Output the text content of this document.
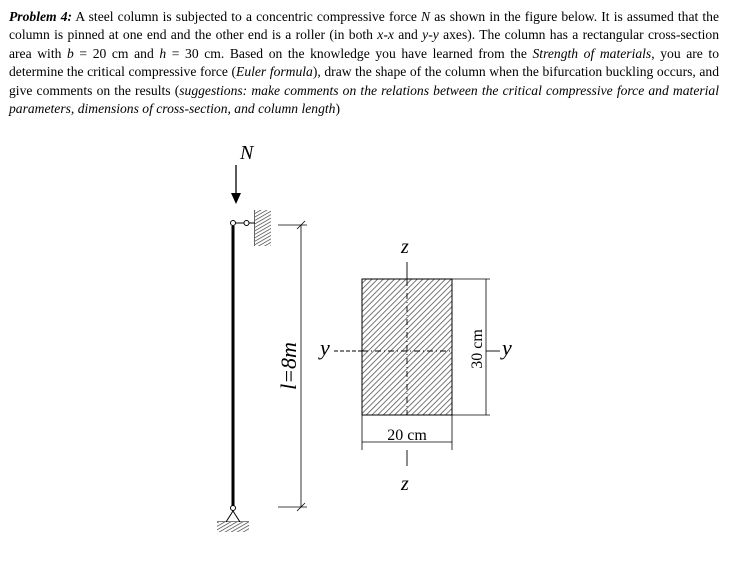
Problem 4: A steel column is subjected to a concentric compressive force N as shown in the figure below. It is assumed that the column is pinned at one end and the other end is a roller (in both x-x and y-y axes). The column has a rectangular cross-section area with b = 20 cm and h = 30 cm. Based on the knowledge you have learned from the Strength of materials, you are to determine the critical compressive force (Euler formula), draw the shape of the column when the bifurcation buckling occurs, and give comments on the results (suggestions: make comments on the relations between the critical compressive force and material parameters, dimensions of cross-section, and column length)

N
l=8m
z
z
y	y
20 cm
30 cm
